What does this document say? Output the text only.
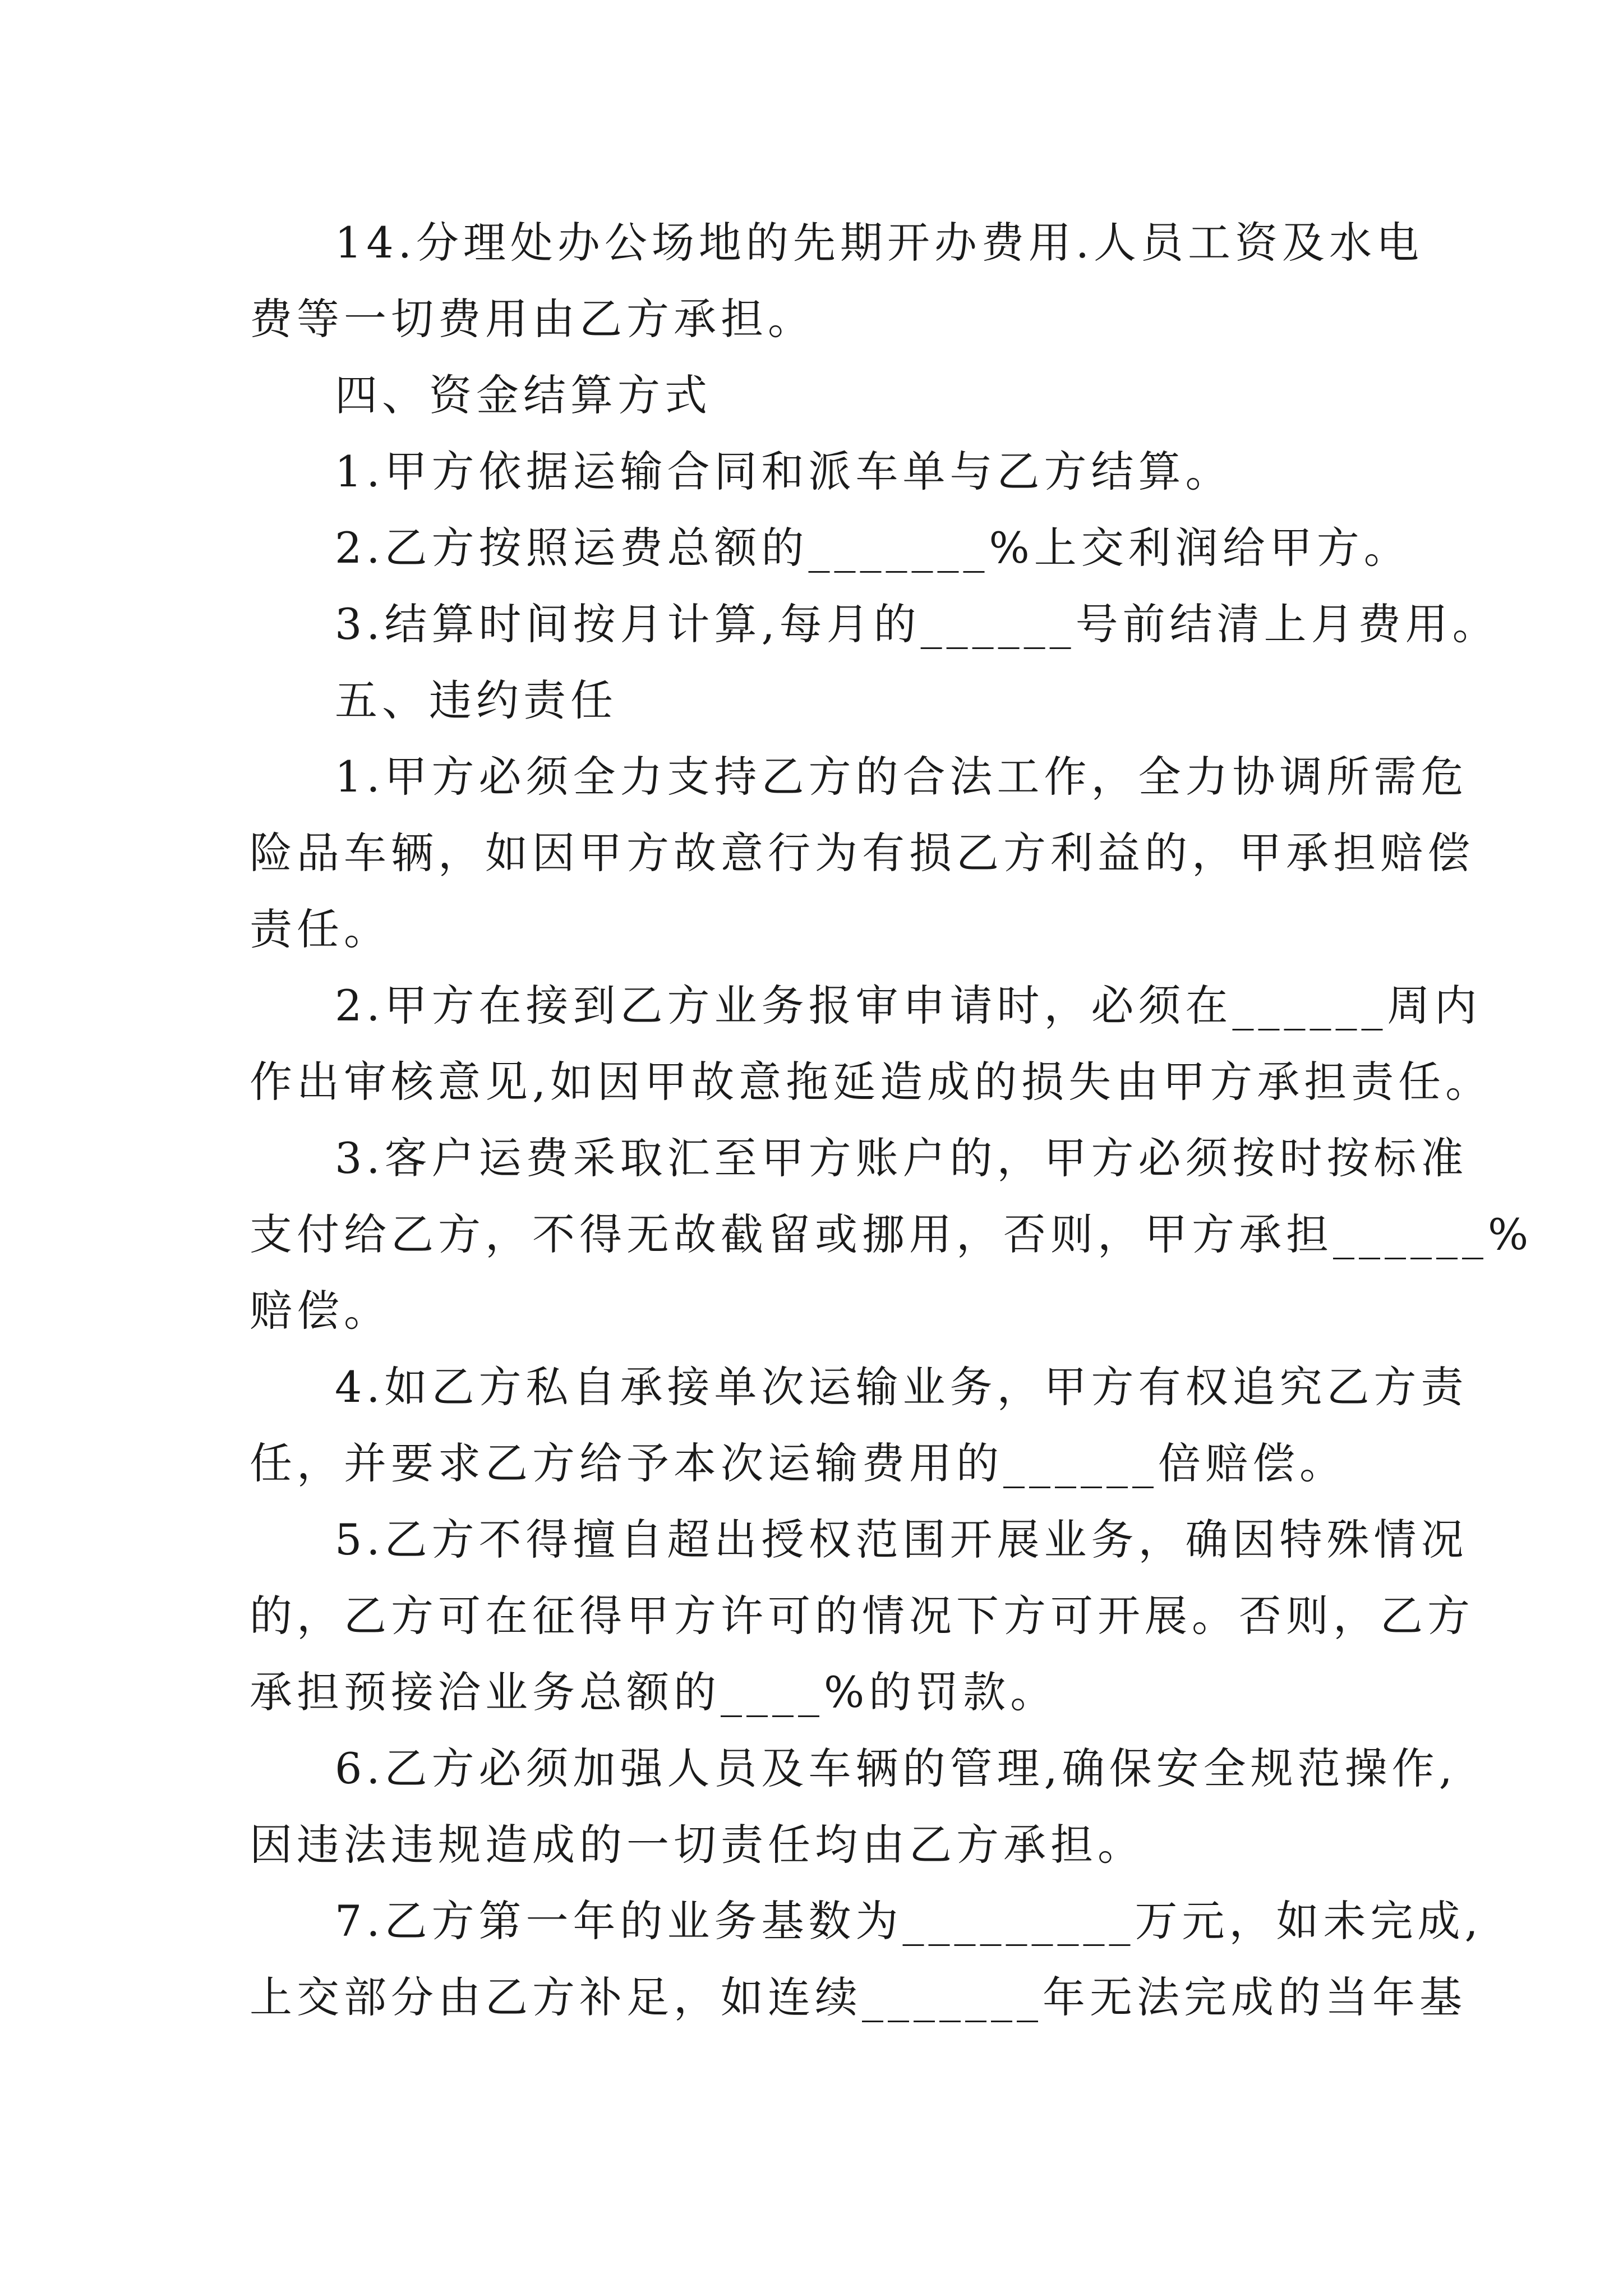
14.分理处办公场地的先期开办费用.人员工资及水电
费等一切费用由乙方承担。
四、资金结算方式
1.甲方依据运输合同和派车单与乙方结算。
2.乙方按照运费总额的_______%上交利润给甲方。
3.结算时间按月计算,每月的______号前结清上月费用。
五、违约责任
1.甲方必须全力支持乙方的合法工作，全力协调所需危
险品车辆，如因甲方故意行为有损乙方利益的，甲承担赔偿
责任。
2.甲方在接到乙方业务报审申请时，必须在______周内
作出审核意见,如因甲故意拖延造成的损失由甲方承担责任。
3.客户运费采取汇至甲方账户的，甲方必须按时按标准
支付给乙方，不得无故截留或挪用，否则，甲方承担______%
赔偿。
4.如乙方私自承接单次运输业务，甲方有权追究乙方责
任，并要求乙方给予本次运输费用的______倍赔偿。
5.乙方不得擅自超出授权范围开展业务，确因特殊情况
的，乙方可在征得甲方许可的情况下方可开展。否则，乙方
承担预接洽业务总额的____%的罚款。
6.乙方必须加强人员及车辆的管理,确保安全规范操作,
因违法违规造成的一切责任均由乙方承担。
7.乙方第一年的业务基数为_________万元，如未完成,
上交部分由乙方补足，如连续_______年无法完成的当年基
